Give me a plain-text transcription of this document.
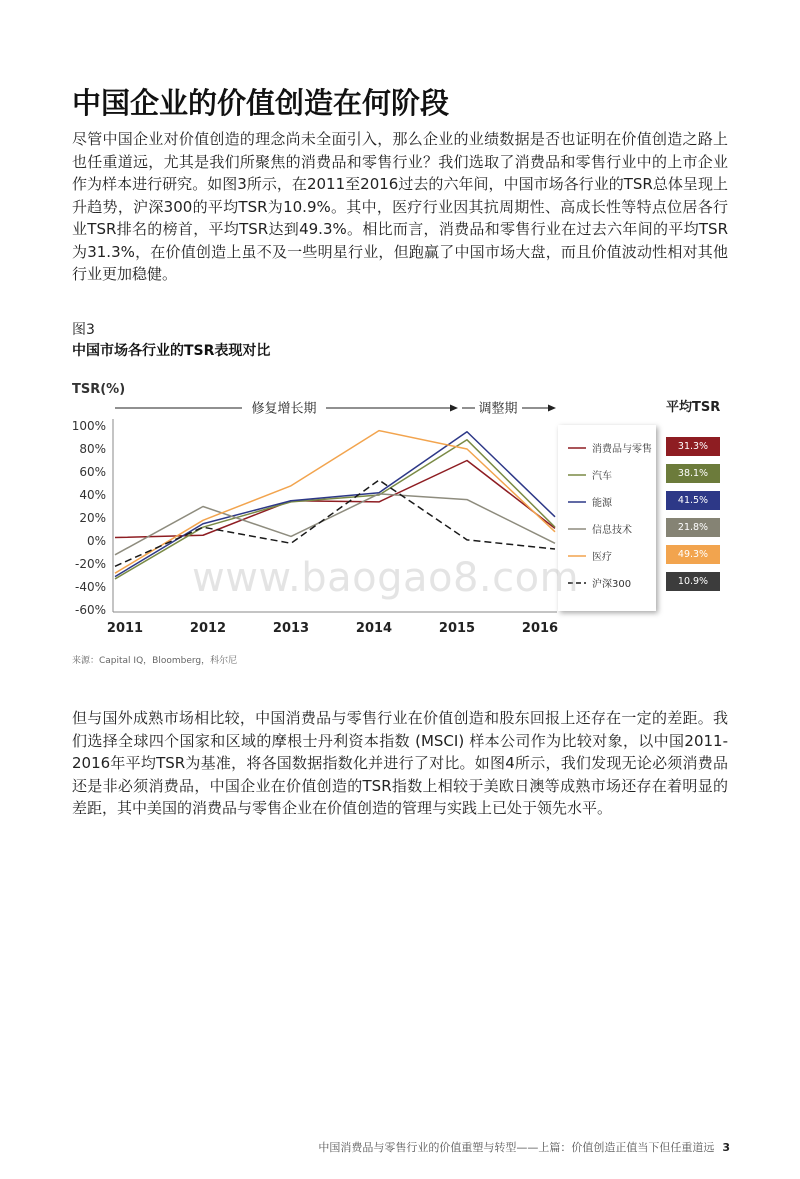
中国企业的价值创造在何阶段

尽管中国企业对价值创造的理念尚未全面引入，那么企业的业绩数据是否也证明在价值创造之路上也任重道远，尤其是我们所聚焦的消费品和零售行业？我们选取了消费品和零售行业中的上市企业作为样本进行研究。如图3所示，在2011至2016过去的六年间，中国市场各行业的TSR总体呈现上升趋势，沪深300的平均TSR为10.9%。其中，医疗行业因其抗周期性、高成长性等特点位居各行业TSR排名的榜首，平均TSR达到49.3%。相比而言，消费品和零售行业在过去六年间的平均TSR为31.3%，在价值创造上虽不及一些明星行业，但跑赢了中国市场大盘，而且价值波动性相对其他行业更加稳健。

图3
中国市场各行业的TSR表现对比
TSR(%)
修复增长期	调整期
100%
80%
60%
40%
20%
0%
-20%
-40%
-60%
2011	2012	2013	2014	2015	2016
消费品与零售
汽车
能源
信息技术
医疗
沪深300
平均TSR
31.3%
38.1%
41.5%
21.8%
49.3%
10.9%
来源：Capital IQ，Bloomberg，科尔尼
www.baogao8.com

但与国外成熟市场相比较，中国消费品与零售行业在价值创造和股东回报上还存在一定的差距。我们选择全球四个国家和区域的摩根士丹利资本指数 (MSCI) 样本公司作为比较对象，以中国2011-2016年平均TSR为基准，将各国数据指数化并进行了对比。如图4所示，我们发现无论必须消费品还是非必须消费品，中国企业在价值创造的TSR指数上相较于美欧日澳等成熟市场还存在着明显的差距，其中美国的消费品与零售企业在价值创造的管理与实践上已处于领先水平。

中国消费品与零售行业的价值重塑与转型——上篇：价值创造正值当下但任重道远 3
